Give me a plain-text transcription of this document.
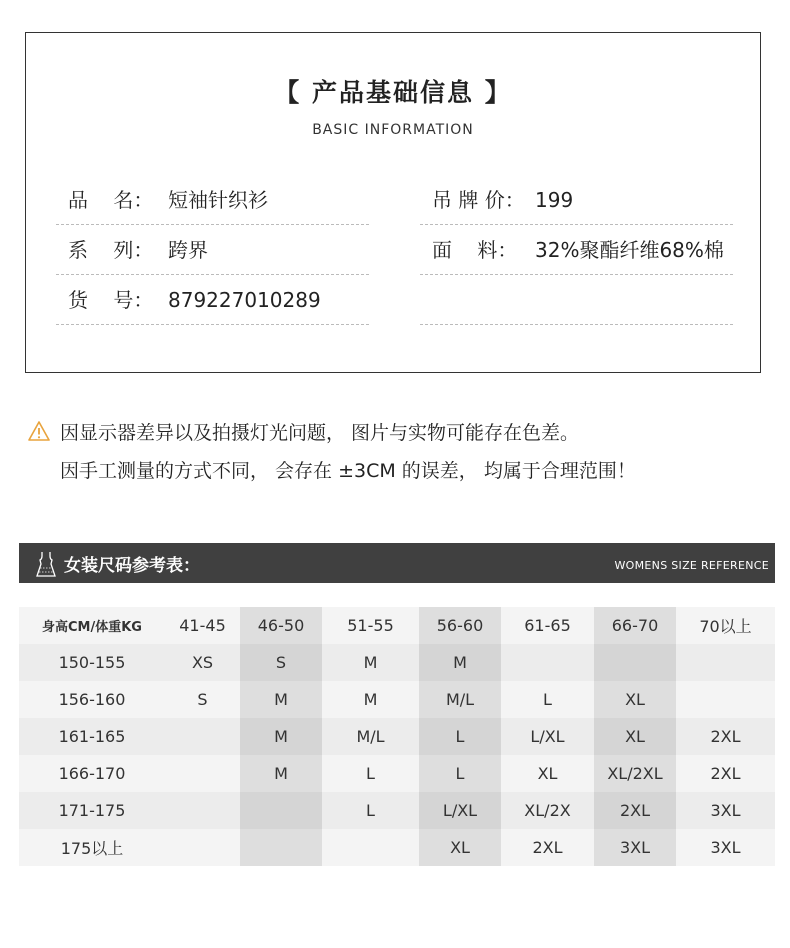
【 产品基础信息 】
BASIC INFORMATION
品    名： 短袖针织衫
系    列： 跨界
货    号： 879227010289
吊 牌 价： 199
面    料： 32%聚酯纤维68%棉
因显示器差异以及拍摄灯光问题， 图片与实物可能存在色差。
因手工测量的方式不同， 会存在 ±3CM 的误差， 均属于合理范围！
女装尺码参考表：	WOMENS SIZE REFERENCE
身高CM/体重KG	41-45	46-50	51-55	56-60	61-65	66-70	70以上
150-155	XS	S	M	M			
156-160	S	M	M	M/L	L	XL	
161-165		M	M/L	L	L/XL	XL	2XL
166-170		M	L	L	XL	XL/2XL	2XL
171-175			L	L/XL	XL/2X	2XL	3XL
175以上				XL	2XL	3XL	3XL
